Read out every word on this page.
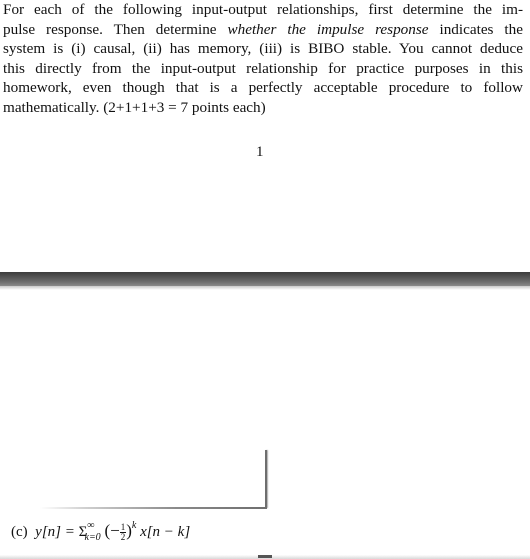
For each of the following input-output relationships, first determine the im-
pulse response. Then determine whether the impulse response indicates the
system is (i) causal, (ii) has memory, (iii) is BIBO stable. You cannot deduce
this directly from the input-output relationship for practice purposes in this
homework, even though that is a perfectly acceptable procedure to follow
mathematically. (2+1+1+3 = 7 points each)
1
(c) $y[n] = \Sigma^\infty_{k=0}$ (− $\frac{1}{2} )^k$ x[n − k]
